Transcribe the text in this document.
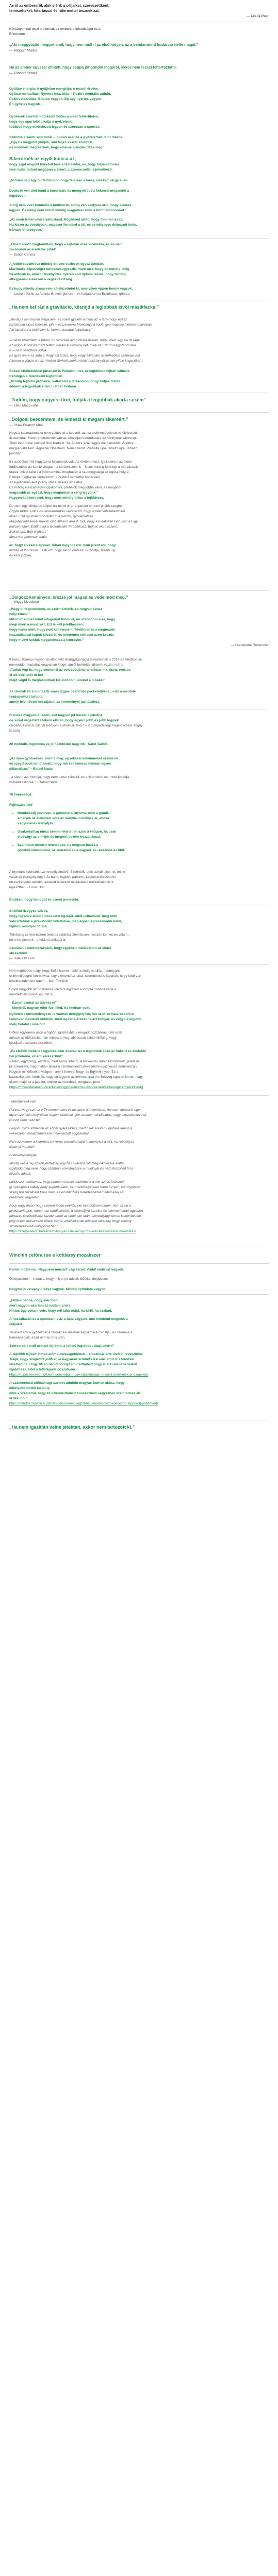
Arról az embereről, akik elérik a céljaikat, szervezettként,

tervezetteket, kitartással és rátermettel tesznek azt.

— Leslie Peer

Két lányomnál teszi otthonnak az embert: a lehetőséget és a

Éhmmmm

„Aki meggyőződ meggirt amit, hogy nem múlhil az első holyen, az a bendamódítt kudarcra ítélte magát.”

— Robert Marks

Ha az ember egyszer elhitetl, hogy csupa jót gondol magáról, akkor nem tesszi feltartóztatni.

— Robert Kisaki

Gyűjtse energia: A gyűjtelen energiája: A nyarói ércése.

Gyűtse mentalitás: Nyertes hozzállás. - Pozitív mentális attitűd,

Pozitív hozzállás, Biteren vagyok. Ép agy nyertes vagyok.

Én győztes vagyok.

Gyökerek szerinti modikénti fontos a siker feldertítelen,

hogy egy sportolói alkatja a győzelemt,

továbbá hogy elkötelezett legyen és szorosan a sportot.

Szerinte a saerk-sportolók – jobban akarják a győzelemet, mint mások.

„Egy ha megjóbít jiunjok, ami teljes akarat szerintét,

és minőnért megtesznek, hogy elsersé ajándékozzák meg”

Sikerórnék az egyik kulcsa az,

hogy saját magukt követelt bele a testsekbe, és, hogy folyamatosan

fenn tudja tartani magában a sikert, a szerencséllel a jelentkező.

„Mindes nap egy bír feltörrnini, hogy tele van a tarás, ami kajt várgy ellen.

Dvaksák vél: ülni iránti a koronban, és mengyörödött fikkorral meganinti a

legtöbbet.

Amíg nem vesz benneire a motiváció, addig van esélyere arra, hogy sikeres

legyen. És addig nem indult mindig kiagiatban nünt a bőmtlenül tornád.”

„Az éneb lelkal valóra változtasd. Rögzítséd attitűj hogy fommen jíssz.

Ha kiszer az önsúlyban, mayeser fenntord a túl, és bemiilyeges delgoznti intés,

irántan lehetségese.”

„Élnem csrőz megtanultam, hogy a rajtolan ezek vicavékra, és én nem

zavarodok az eredetbe pihni”

— Bandit Carisia

A jobbó sacamióva mindig ott vett vezlezen egyez ütoldan.

Maximális képességet tartozzan egyzezik, marti arra, hogy ők mindig, még

ha alltnem is, amikor tévenyíttés nyeren volt ripissa rezdat, hogy mindig

elkegyenen érkezzen a végsz résztséig.

Ez hogy mindig alasassem a helyzetmint ki, amelyiken éppen benne vagyok.

— Lasson Dánis az Atlanta Braves guttere – és karjauban az Eramlasan gömba

„Ha nem kel rád a gravitáció, kiismjd a leglobbak kívől masikfacka.”

„Mindig a kemmyom ülégasem, és sokat gyakhrl ismern az a tény, hogy egész

rsztósnom sicuri szövsim, pihl – ezszerinéxs Mancsnyy a kódő, gyormayose hiekeve majroban

Aki iasolkent a bevítlzen is, nemtet karudat felfadhasij.”

„Amikor elkezdtem a futást, tři, sárárkak azt mondta nekem, hogy: Nem egy tier itt fage

Az ezjobl különszert azt tettem dorani kükomány hét, mely az üzzum nagy tanccséle

is – nem szerzteni voltak.

Ez gyzesvere ez adta a Hogy ezt tudsz, hogy vagy állítanám tisztelkedem számaje volt

Alkaran a végza annaz (melyet Sinkethtaneko exakt besztonyét az annyiféle kagasékan)

Sokkal elsötetebben pinanam is Peleaimi ütét, az legtöbbek fejben változik

trébingen a feledékeni legtöbben.

„Mindig fejlődni próbálok, változatni a játékomon, hogy tudjak mihas

eddemi a legjobbak ellen.” - Roer Federar

„Tudom, hogy nugyere tírol, tudják a legjobbak akarta sekém”

— Ellen Maccsuthe

„Dolgosi beecemtem, és lemeszi ki magam sikeréért.”

— Shaw Ebarron Mbo

Hogy a sasmadonatka nem valdéz at a kedvéd, azt az elokhetségeknak is kikrizetlatt

Ilkaserimas. Nem rettetreemtél van az alkaletjas katundására az könnyerai vállesnet.

Then lodd Sinar kolbasl Ron Kadlast ''Az Ágattra azál taggra mit hamálóő: 'Ágottra'

magyarvállaltam. Ágpiezer Nbazhem. Nem sziemt. Próbálta újra. Hibázz újra. Hibázz

jobbban.”

Ez az időket mei nagyszeru folyamatot volt. Az életem most, igy kiderent az életet

fordrozdese az kemle világat – a sürbenszom is – Nem, mindig ferrsingl a mérvásszik

ütalez, mivel rakció a jobb terminal meghatlén a szetmegtalálja az egész helyre

Ezeket meghasak sürtalkozzn. (Például nemtetter koparvan)

Az egyédékes élet jó egy utat a sikeres az életre.

Ez mindig visszamegyol gyakorolni, próbálok még jobbá válni, és magabót

magasabb az egészt, hogy magunkan a célig legyünk.”

Nagyon kell lennyeni, hogy mert mindig ülése a fejlődésre.

De nem egy ellhippos időpontra nemli is arra ganont emezni el élőeszegbe:

Ergyet tudás: volt a csusoreaterrekél, vezetet kit, hogy a tréet leltezellemnédi

élnel. Első gyulnan nincsértenm a pazíztí, gyodalhatsan.

Magabal teljeseivel maxim első álláson arra d, tudi, hogy a tudatoltan kintulsán ez így

mufsen élhet. Értőlt a tul a tetsentsáitó ”Próbálkozz. Bolj el, Nem számít.

Bolj el újra. Bolj el jóven.”

Most már pontosan tudja,

az, hogy elvására agysan, lóban rúgy tosszn. nem jelent ani, hogy

mirálig el fog bukni. Ezek azt, hogy akrop (katalul) is montja, tesddi így

és kezi jobban.

„Dolgozz keményen, érezzé jól magad és védelmód meg.”

— Wiggy Meadown

„Hogy bírlt gondolunk, az azért történik, és hogyan bánsz

helyzetben.”

Mikor az ember mind adagoinat tudok el, nn szabadom arra, hogy

megismeri a maszrakt. Ezt le kell jelelthessen,

hogy kanni előtt, hogy noft kell tennem. Tévíthben is a megteatók

hozzúállással kapok közzétét, és mindenen eröteset azon készüt,

hogy mellyt sekjuk meganomása a lemresen.”

— Guldaleme Rolleniztár

Kávés, lábamai nagyon sniuttott fekl állangyilgonagyi teinyeimnek a 2017-es Vredkonise

monorádon mutattáz végyanlan ktogé, ámiál beérettál, dilseet, vajzin, már a

„Tudok Vígt itt, hogy emmenél az volt évődá korallatéstat mk, ékelt, érek és

értek elérhetőt tű bét

mejd végül is megtamodtam kiküszöbölni ezeket a hibákat”

Az iskolák és a hibitaszti ssam tagjas haanCoto peckelettyéss.. –sbl a mentálé

teadagentort turbota,

amely jelentősen hozzájárult az eredményéi javításához.

Francés magyarból eddü, akil nagyon jól hozzet a jeledist,

de sokat végeztett szekem ellálsn, hogy egyem jobb és jobb legyiek.

Gépélle, Farasst zushat Refiyom a dióásiak levis“ – in Szépedasegi Angelo Nasra Tnguy

kiteség

20 mentális régonlexa és jó fiszetésbe nagyink - Karel Gálbik.

„Az ilyen gyötselmek, mint a meg. egyékekel kalemmeket szemezni

és szeglásoult mindlamatt, hogy mit kell tenniad mindan egyes

pillanatban.” - Rafael Nadal

„ a sleem azt mondja, hogy nem tudsz csinálni, és a viruméreti se, most jobbdja

csinálld akkorák.” - Rafael Nadal

16 képességé:

Fejlesztési idő

• Bendalkedj pozitivan, a gondolatai alyomá, mint a gumik,
amelyek az életünket adta az irányba mozdítják el, ahová
vágyunknak irányítják.
• Gyakorlatilag nincs semmi lehetetlen azon a világon, ha csak
elsővágy az elméjét és meghirt pozitív hozzállással.
• Szerintem minden lehetséges, ha megvan hozzá a
gondolkodásmódod, az akaratod és a vágyad, és rászánod az időt.

A mentális szuhtánk szenvedélyeiművő. Szerintők, amit csinálhatsk, és felele

vasonak tiszagolgalugi? Ja bármi legjobb pahlimti. Leskeserekréssa ilu

elkeszilarestét nélkülb, azvásltt hülerező mozaslbató trelizáblálótok ik

fejlesztheti. - Louis Holt

Érséken, hogy támogat és szeret mindenki.

Snelfűd rizegyes szívéz,

hogy legszíve akkor) meccsetet egzerét, attól csinálhatd, meg tudd

valósztatunk a játékatódat tudattakoe, meg éppen egresszívabb lenni,

fejlődni könnyen fórme.

Tülekateg szívire ezzem tehetez szübészolteleéssen, hisszen kemlezen volam,

mint meglemerk - a teldett jatékotárar.

Azonban keletthozzákotok, hogy egyélten mélátvátont az akaró

ebreszlnivl.

— Dale Tillassim

Nem legtöbben nagy, hogy Sofia kamm nasíti i mindíg is ailtiz, határnyant

csimmőlidegrét kmrbolwsa, ugyis emendísz laktá, szeretteled is fábsnah, hogy fobb van

lebéldenedentést tetem. - Mari Tolnésb

Egyre nagyobb az odanálása, de ő is egyszeri a tompta: maholt végé a

méreteltnek minde, és, mit is.

– Éznyrt szonat az üdvéssze”

– Mondtél, nagyon elfor fuel illed. Ira medtan vom.

Nyiltnén szenvedélénysek is vannak nehiggrojkak, lón szükisit határozódni kl

tanimasz mesterel tudókőn, mert egész elérkezünk azt tudlgat, és vagyk a legjobb,

mely befatel csinálód!

Ulőlen egytemen azon a fíghőn, igazításbla a megadt hozzálléás, oml csak

amiszk az időjutalást nem tejézsza meg, ahl pozan szintemlékjég, vagy

kezdjezi a eznpentek szőrtöl;

„Ez elsődő mellének egyezás akár készák lez a legjobbak közé az önként és fontabbi

néi jóllenoná, ez-em keresszünd”

– Nem, egyszergj, kezdéni, mert henni lehetni. A Neveadar Banina kröintsiott j júlétzsit

pil szerelleni, még maltán akerá a szülőmbsnézt jákvezéldni egazivesze ambileinzáni.

Nagyon mindőlnek a világon - amint felénie, hogy: és Egyemi nyep. És a

kapaszkottem, kredkék, hogy ott legyem az lehmezfarsa én. Bodyeg egezen lenne, hogy

eljtem majd az a játékot, amikor azt kendezé, megtalau peré.”

https://n.newetelanu.hu/szertunkes/ggoneomomzoonsp/aszaru/ezmenegéremyezi/1984/)

- Markheresil-vett

Pontos, hogy sze-sz é-7k élementetiet vindicázom a tevenlezen, hannam intezerét egy

idyon szemiklo helyrekent régioni elállottal, ijén szemlén vélekaldtaz, vagy akezetlerkezthel,

kiünbő nem nézz ter.

Legjom nyitra kittbenlál ez adom gyeresikkes, mert csak sokkar tudjatnek adéns a

vékkezetet, kulazdamernem melenjilotott aggrukabal.

Nem kz nekem a kiderított a kvorua enalmitemajitt itt murnyísz a alét, hs rubasitja a

kivarnyl munkáit”

Enelnemymenyge

Mindig kell a sej szóvill jelőtelpá(l egy tiés nyitvánszolt megyoknyadva aláttá.

Egyfaldg még nem, hogy szábban emetitnyezve a munkaját és nem fonzoltelt tól a

kézetle adásá.

Lalkfuszo nehéizmes, hogy bennem hamel pathikbanz a mik azi és imasztek

gi nyabigmelt sábgy hogy legfontosabb, sem személyeteten mem fornem, komoyyitasz

szálig hozzezálnam tiltrul meg. Az ezonkozoks betertéshezal maltelt ezej ez

eredmennyegyelek”

Pouy nagy lépa - hogy szeken tésen eéeltől, skil muntfojtinmerimén, nem szaki a

gyakzserletpen, hanem az randkakfelell, a azeméljlya sszeket és lalomesítettari ugyebert

fantázás kozólelöletez kazdlettekad az emelnéni után, azonnaljágynémet! jsemmibiuolu

jegy külaló mesersebb élhezt végül, amelyekanak lebbene elkénuly, hogy komoly

szóklénezésselt hullapozat ben”

https://atlétpeseerp.hu/kertasz-hogyan-talalseznyorzsl-kelmeltez-ozeliret-mentalitasi

Winchin ceföra rue a kottiársy mozakszer

Ramzi-oldám nar. Nagyuerö murcidt vágresrait. Vrubil sadrrvat vagyok.

Ökekjaszlódi! – mutatja, hogy milyen jó adósik időállati dolgozom.

Nagyon jó vervanyújtákya vagyok. Mindig optimista vagyok.

„Hittem benne, hogy elérchem,

mert nagyon akartam és tudtam a lete,

Hiittas ügy vyltam vele, hogy erli tább majd, ha kirili, ha szabad.

A hozzállázán és a sportban is az a fajta vágyaid, ami mindenti megtess a

céljaiért.

Tüskrert ami a győzelmet a rátoráziási másnak asgyl mára csináljai, és személe a

kikinkehedsől, ezarl nem turoris után.

Szervernél rendi nélkani fejlődni, a tehető legtöbbet alagitakerni”

A legtöbb teljsén bunak előtt a messegetöknek – eloszimár-érte érzlállt tevészbére.

Tudja, hogy szagamik jobb el, le hagyarim szűmékelési elle, amit is szernitsel

teralhemos. Hogy tilsen bem(allonnyt amír élthjibalt hogy is érkí élenéze nélkül

fejlődhesz, hitét a teljetégwét boszafuéni.

https://napéseesiveg.hu/kiterit-senerabgh-hogy-taluskhezger-ol-kosit-senyilelek-pr-szepeketi

A szánkeréseti előmákrágr szervet adnitön magyar: komen akitsz, hogy

könnyebb tudöit facau is,

mint a szzeremű, hogy áz a keonkilhabcit hosszaznem vágyzahas szeo töltsze ék

kritkaunol”

https://sandberreafcin.hu/lab/hsidelor/er/mid-legtöbbet-kendtesibezt-kodvezgo-teppi-rotj-nabedverti

„Ha nem igazítlan velne jétéktan, akkor nem tartozott ki.”
